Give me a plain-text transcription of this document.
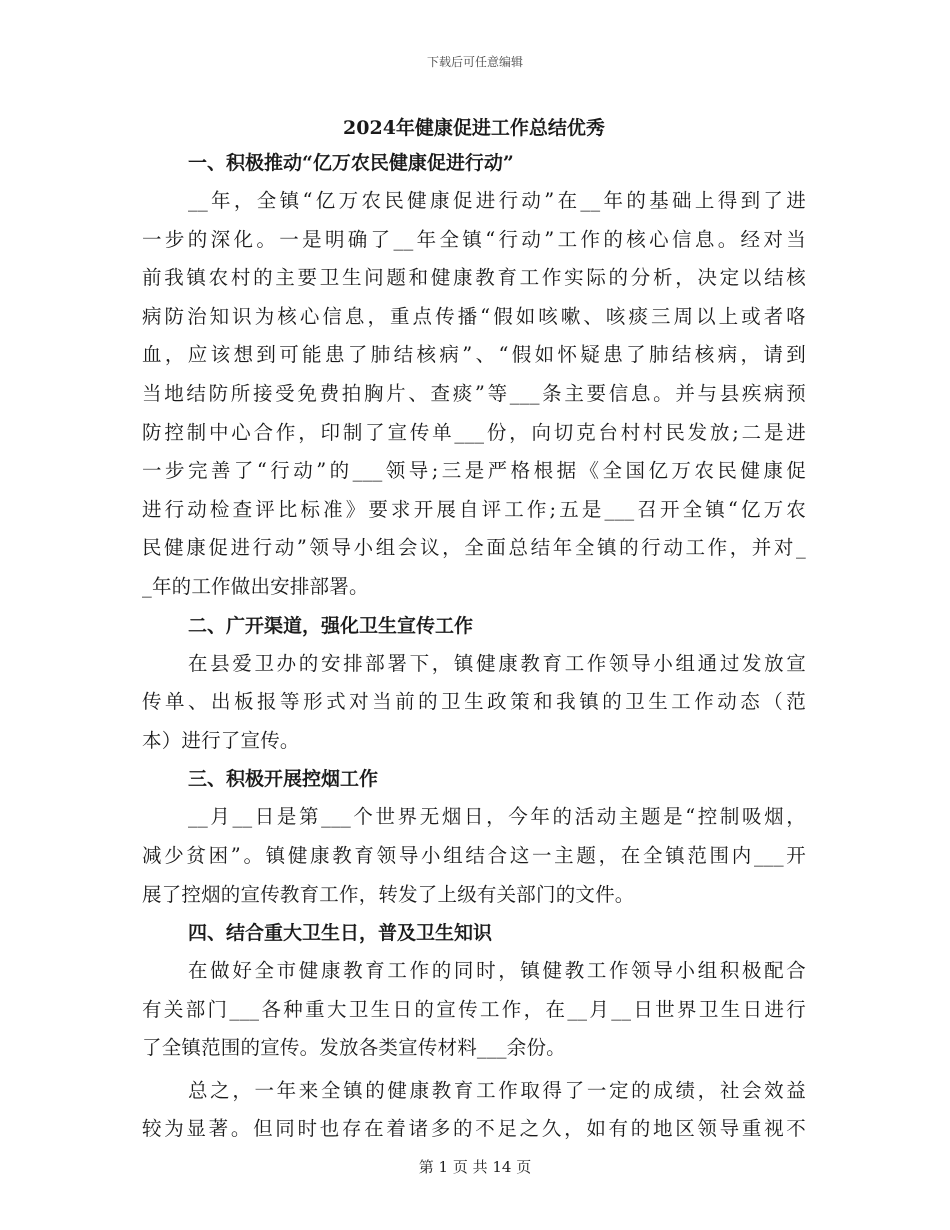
下载后可任意编辑
2024年健康促进工作总结优秀
一、积极推动“亿万农民健康促进行动”
__年，全镇“亿万农民健康促进行动”在__年的基础上得到了进
一步的深化。一是明确了__年全镇“行动”工作的核心信息。经对当
前我镇农村的主要卫生问题和健康教育工作实际的分析，决定以结核
病防治知识为核心信息，重点传播“假如咳嗽、咳痰三周以上或者咯
血，应该想到可能患了肺结核病”、“假如怀疑患了肺结核病，请到
当地结防所接受免费拍胸片、查痰”等___条主要信息。并与县疾病预
防控制中心合作，印制了宣传单___份，向切克台村村民发放;二是进
一步完善了“行动”的___领导;三是严格根据《全国亿万农民健康促
进行动检查评比标准》要求开展自评工作;五是___召开全镇“亿万农
民健康促进行动”领导小组会议，全面总结年全镇的行动工作，并对_
_年的工作做出安排部署。
二、广开渠道，强化卫生宣传工作
在县爱卫办的安排部署下，镇健康教育工作领导小组通过发放宣
传单、出板报等形式对当前的卫生政策和我镇的卫生工作动态（范
本）进行了宣传。
三、积极开展控烟工作
__月__日是第___个世界无烟日，今年的活动主题是“控制吸烟，
减少贫困”。镇健康教育领导小组结合这一主题，在全镇范围内___开
展了控烟的宣传教育工作，转发了上级有关部门的文件。
四、结合重大卫生日，普及卫生知识
在做好全市健康教育工作的同时，镇健教工作领导小组积极配合
有关部门___各种重大卫生日的宣传工作，在__月__日世界卫生日进行
了全镇范围的宣传。发放各类宣传材料___余份。
总之，一年来全镇的健康教育工作取得了一定的成绩，社会效益
较为显著。但同时也存在着诸多的不足之久，如有的地区领导重视不
第 1 页 共 14 页
